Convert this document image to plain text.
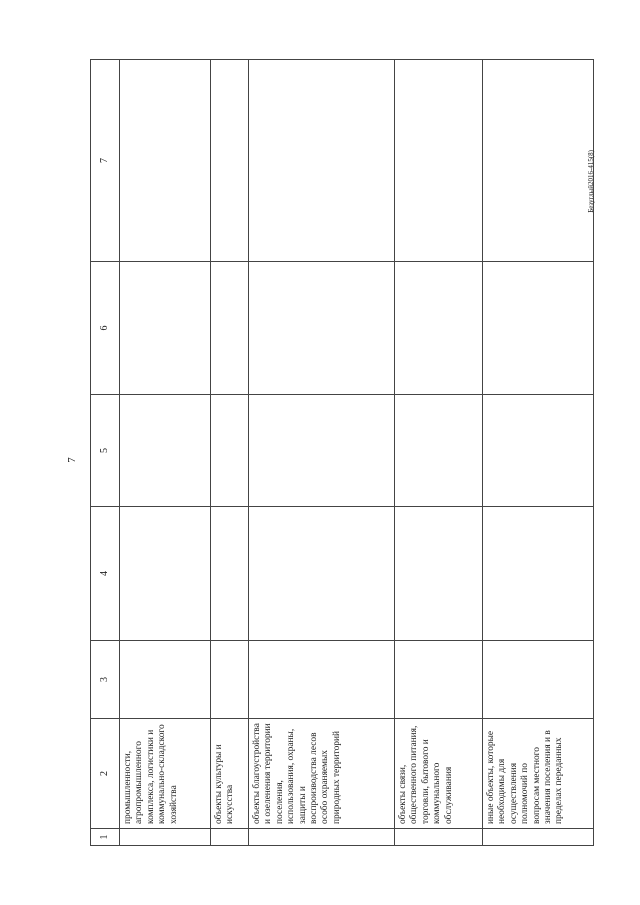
7
1	2	3	4	5	6	7
	промышленности, агропромышленного комплекса, логистики и коммунально-складского хозяйства					
	объекты культуры и искусства					
	объекты благоустройства и озеленения территории поселения, использования, охраны, защиты и воспроизводства лесов особо охраняемых природных территорий					
	объекты связи, общественного питания, торговли, бытового и коммунального обслуживания					
	иные объекты, которые необходимы для осуществления полномочий по вопросам местного значения поселения и в пределах переданных					
Безуглый2016-415(8)
